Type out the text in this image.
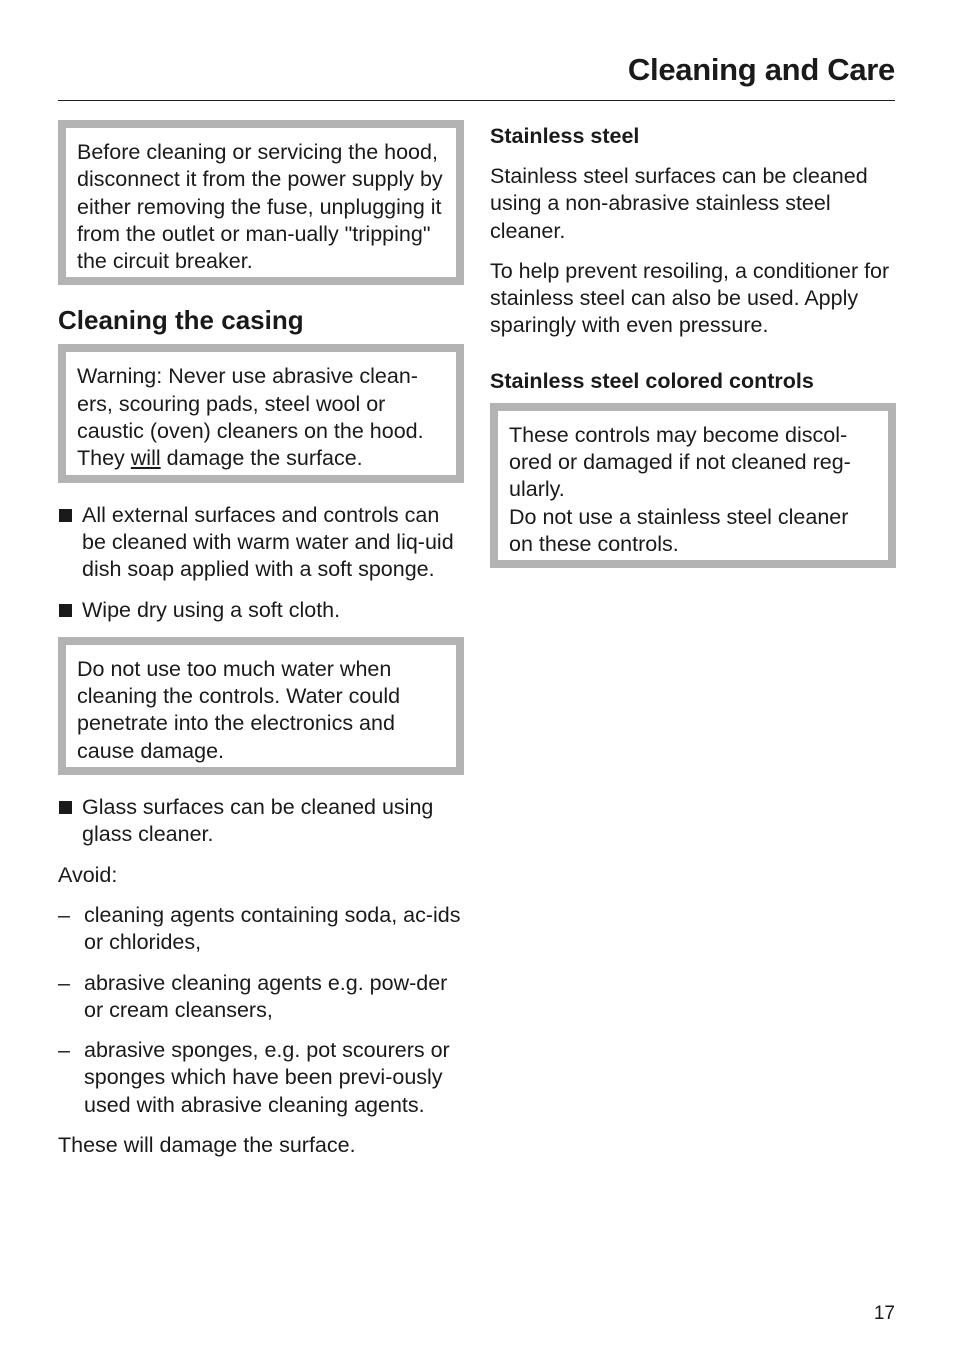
Cleaning and Care

Before cleaning or servicing the hood, disconnect it from the power supply by either removing the fuse, unplugging it from the outlet or man-ually "tripping" the circuit breaker.

Cleaning the casing

Warning: Never use abrasive clean-ers, scouring pads, steel wool or caustic (oven) cleaners on the hood. They will damage the surface.

All external surfaces and controls can be cleaned with warm water and liq-uid dish soap applied with a soft sponge.
Wipe dry using a soft cloth.

Do not use too much water when cleaning the controls. Water could penetrate into the electronics and cause damage.

Glass surfaces can be cleaned using glass cleaner.

Avoid:

– cleaning agents containing soda, ac-ids or chlorides,
– abrasive cleaning agents e.g. pow-der or cream cleansers,
– abrasive sponges, e.g. pot scourers or sponges which have been previ-ously used with abrasive cleaning agents.

These will damage the surface.

Stainless steel

Stainless steel surfaces can be cleaned using a non-abrasive stainless steel cleaner.

To help prevent resoiling, a conditioner for stainless steel can also be used. Apply sparingly with even pressure.

Stainless steel colored controls

These controls may become discol-ored or damaged if not cleaned reg-ularly.

Do not use a stainless steel cleaner on these controls.

17
